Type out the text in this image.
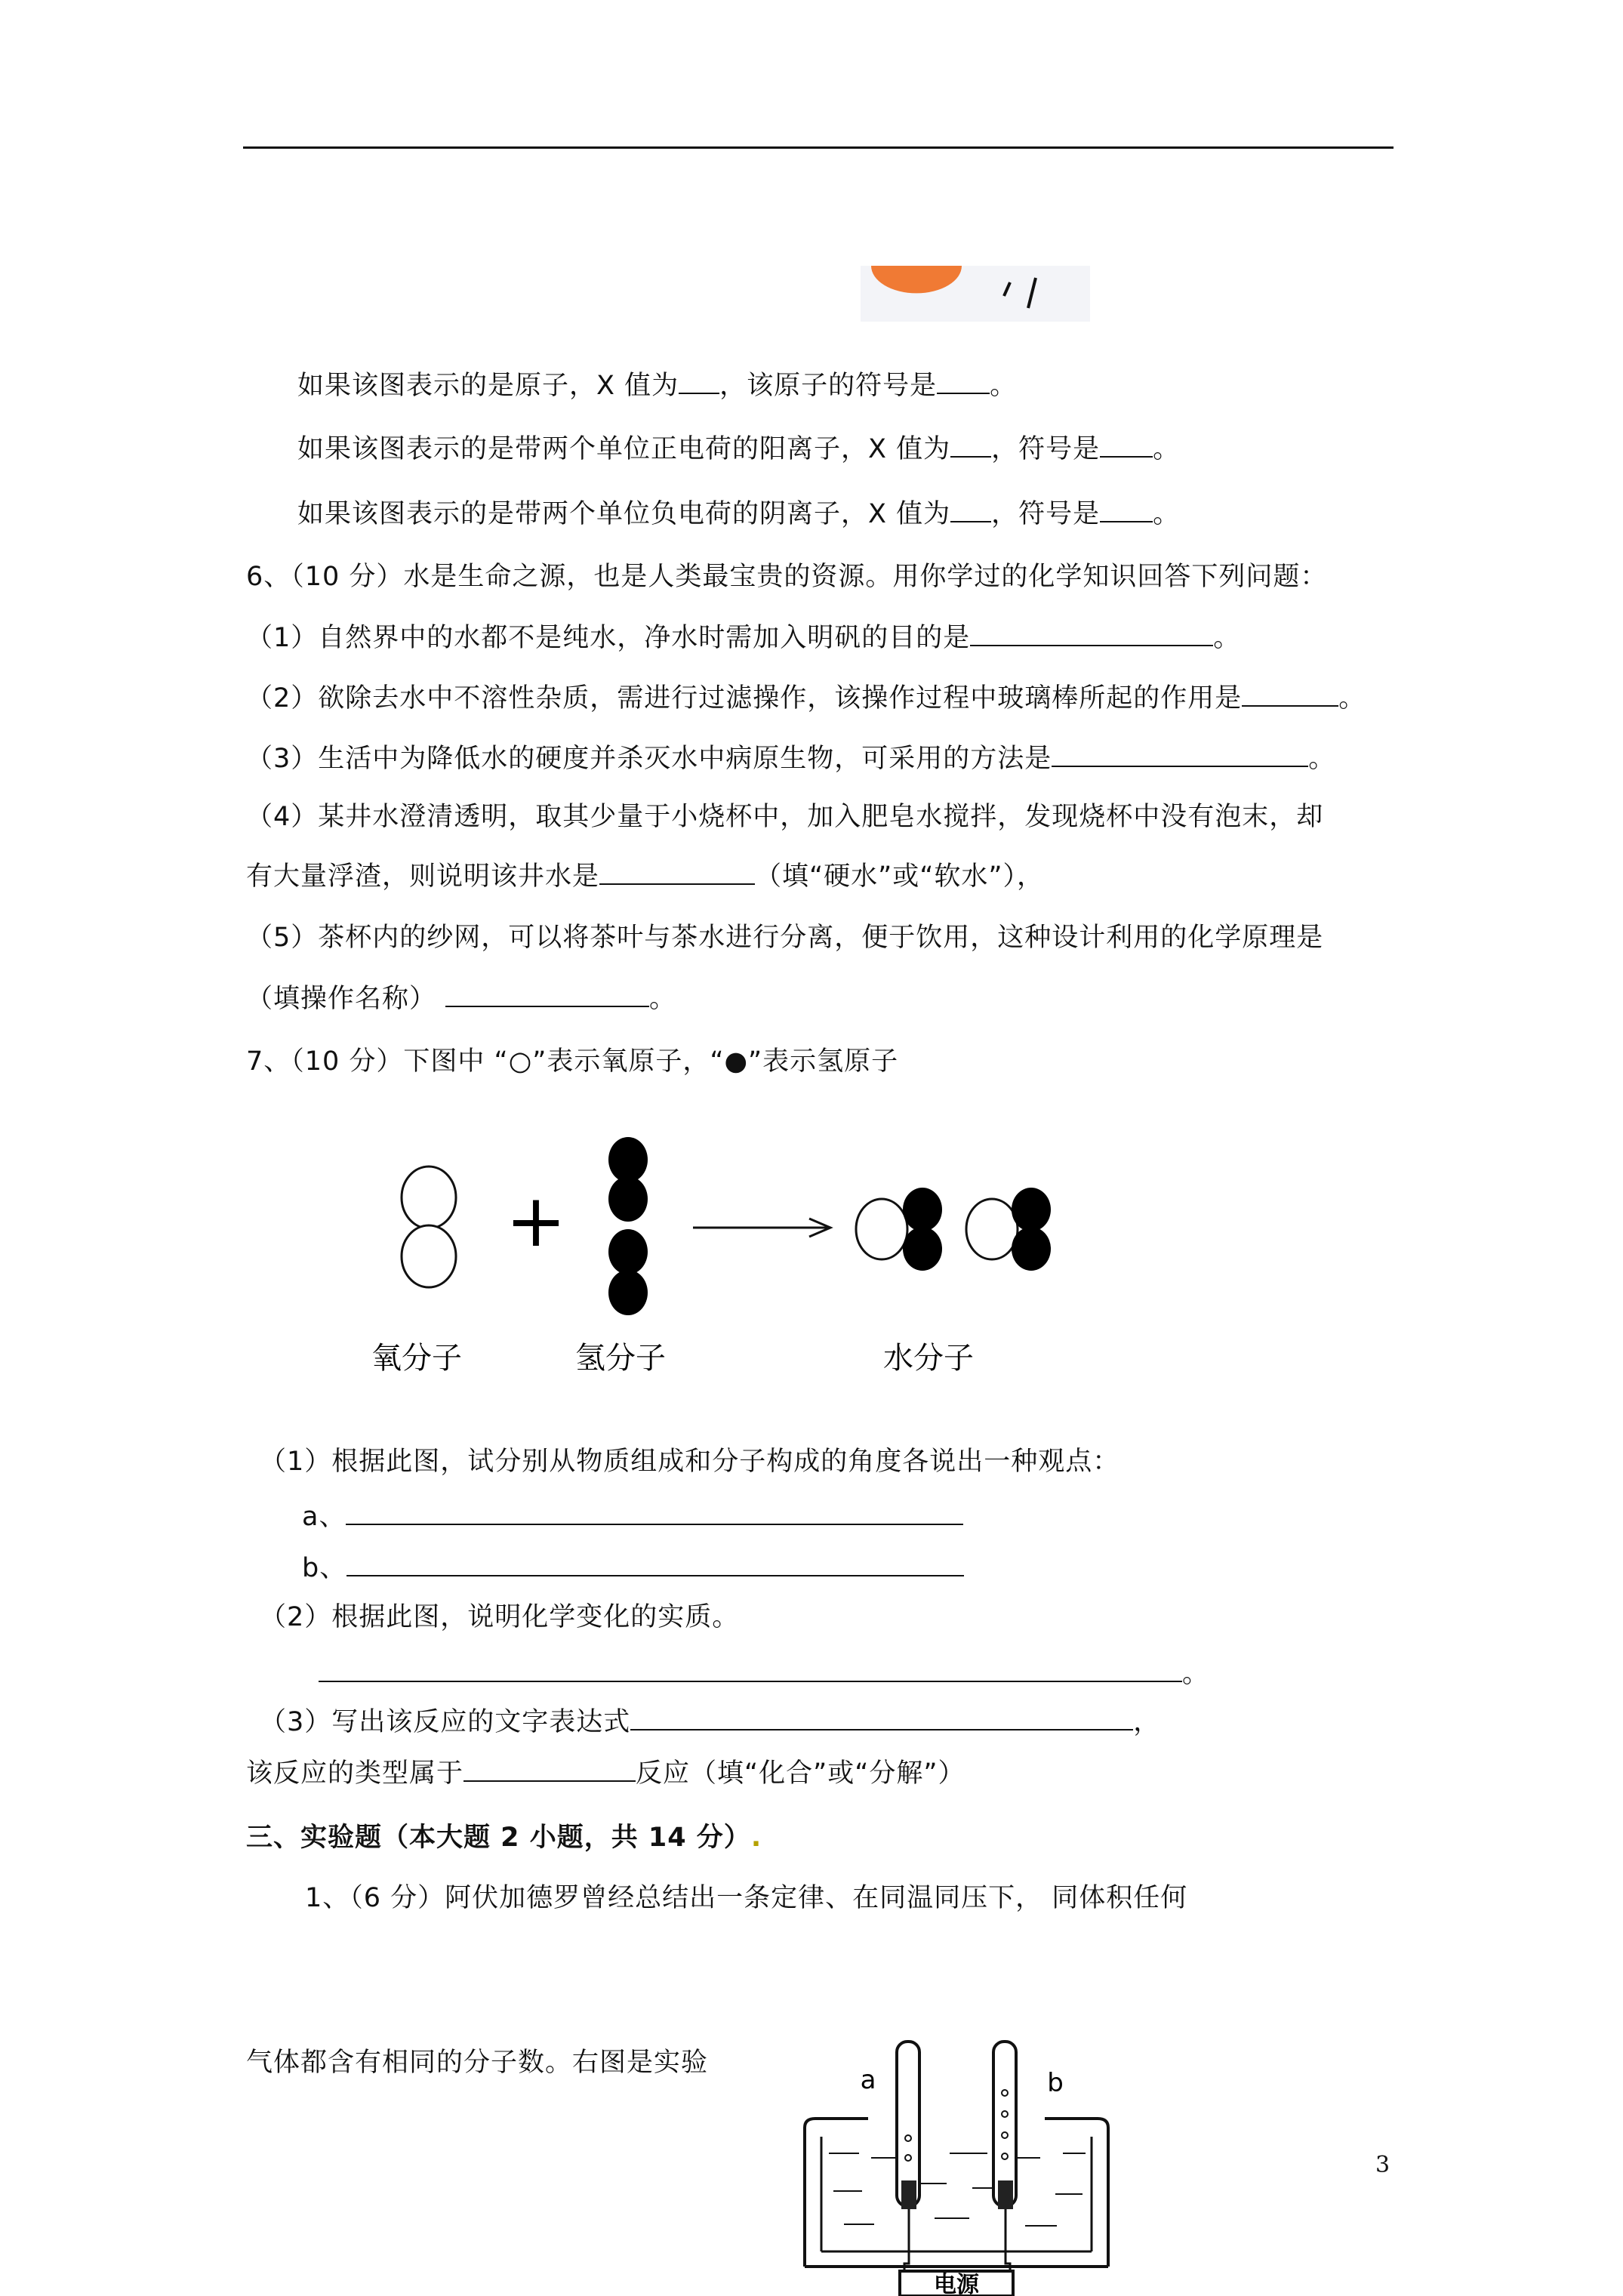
如果该图表示的是原子，X 值为 ，该原子的符号是 。
如果该图表示的是带两个单位正电荷的阳离子，X 值为 ，符号是 。
如果该图表示的是带两个单位负电荷的阴离子，X 值为 ，符号是 。
6、（10 分）水是生命之源，也是人类最宝贵的资源。用你学过的化学知识回答下列问题：
（1）自然界中的水都不是纯水，净水时需加入明矾的目的是	。
（2）欲除去水中不溶性杂质，需进行过滤操作，该操作过程中玻璃棒所起的作用是	。
（3）生活中为降低水的硬度并杀灭水中病原生物，可采用的方法是	。
（4）某井水澄清透明，取其少量于小烧杯中，加入肥皂水搅拌，发现烧杯中没有泡末，却
有大量浮渣，则说明该井水是	（填“硬水”或“软水”），
（5）茶杯内的纱网，可以将茶叶与茶水进行分离，便于饮用，这种设计利用的化学原理是
（填操作名称）	。
7、（10 分）下图中 “○”表示氧原子，“●”表示氢原子
+
氧分子	氢分子	水分子
（1）根据此图，试分别从物质组成和分子构成的角度各说出一种观点：
a、
b、
（2）根据此图，说明化学变化的实质。
。
（3）写出该反应的文字表达式	，
该反应的类型属于	反应（填“化合”或“分解”）
三、实验题（本大题 2 小题，共 14 分）.
1、（6 分）阿伏加德罗曾经总结出一条定律、在同温同压下， 同体积任何
气体都含有相同的分子数。右图是实验
电源
a	b
3
